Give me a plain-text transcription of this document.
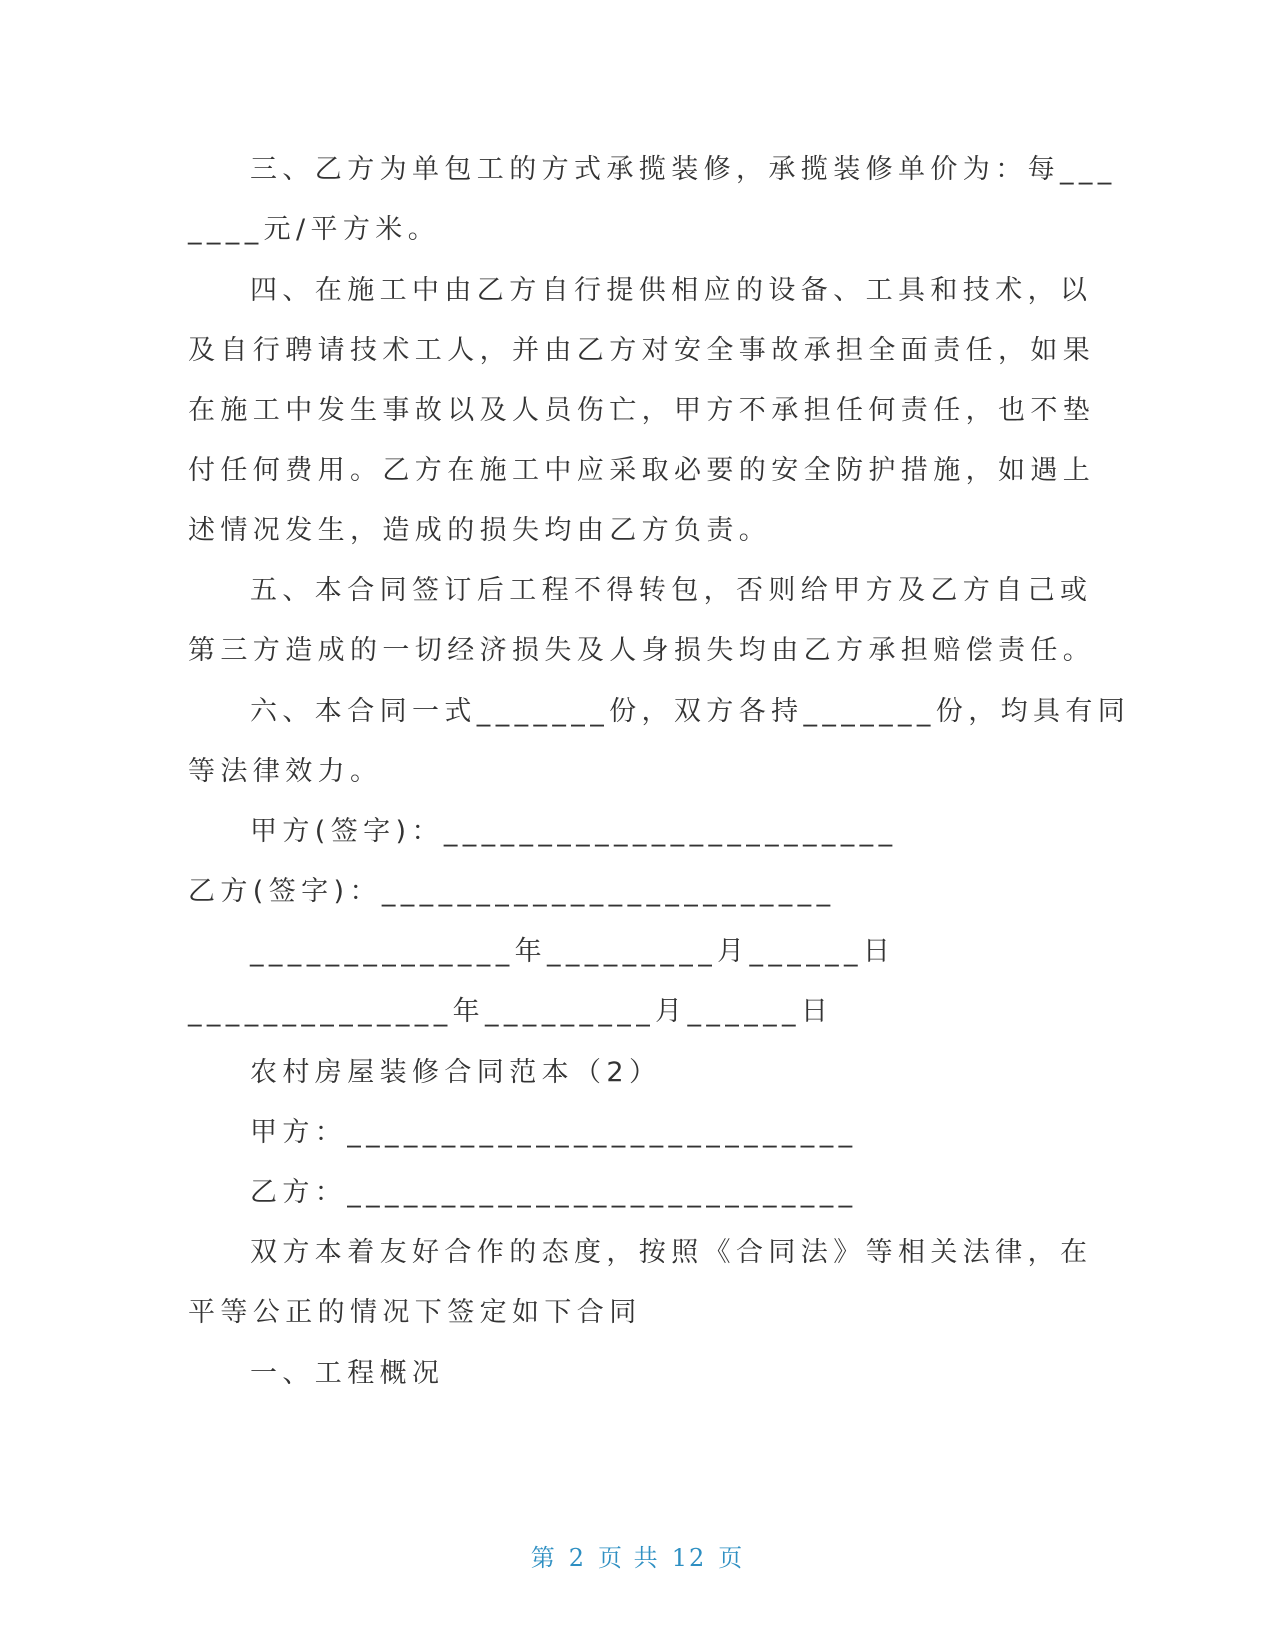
三、乙方为单包工的方式承揽装修，承揽装修单价为：每___
____元/平方米。
四、在施工中由乙方自行提供相应的设备、工具和技术，以
及自行聘请技术工人，并由乙方对安全事故承担全面责任，如果
在施工中发生事故以及人员伤亡，甲方不承担任何责任，也不垫
付任何费用。乙方在施工中应采取必要的安全防护措施，如遇上
述情况发生，造成的损失均由乙方负责。
五、本合同签订后工程不得转包，否则给甲方及乙方自己或
第三方造成的一切经济损失及人身损失均由乙方承担赔偿责任。
六、本合同一式_______份，双方各持_______份，均具有同
等法律效力。
甲方(签字)：________________________
乙方(签字)：________________________
______________年_________月______日
______________年_________月______日
农村房屋装修合同范本（2）
甲方：___________________________
乙方：___________________________
双方本着友好合作的态度，按照《合同法》等相关法律，在
平等公正的情况下签定如下合同
一、工程概况
第 2 页 共 12 页
